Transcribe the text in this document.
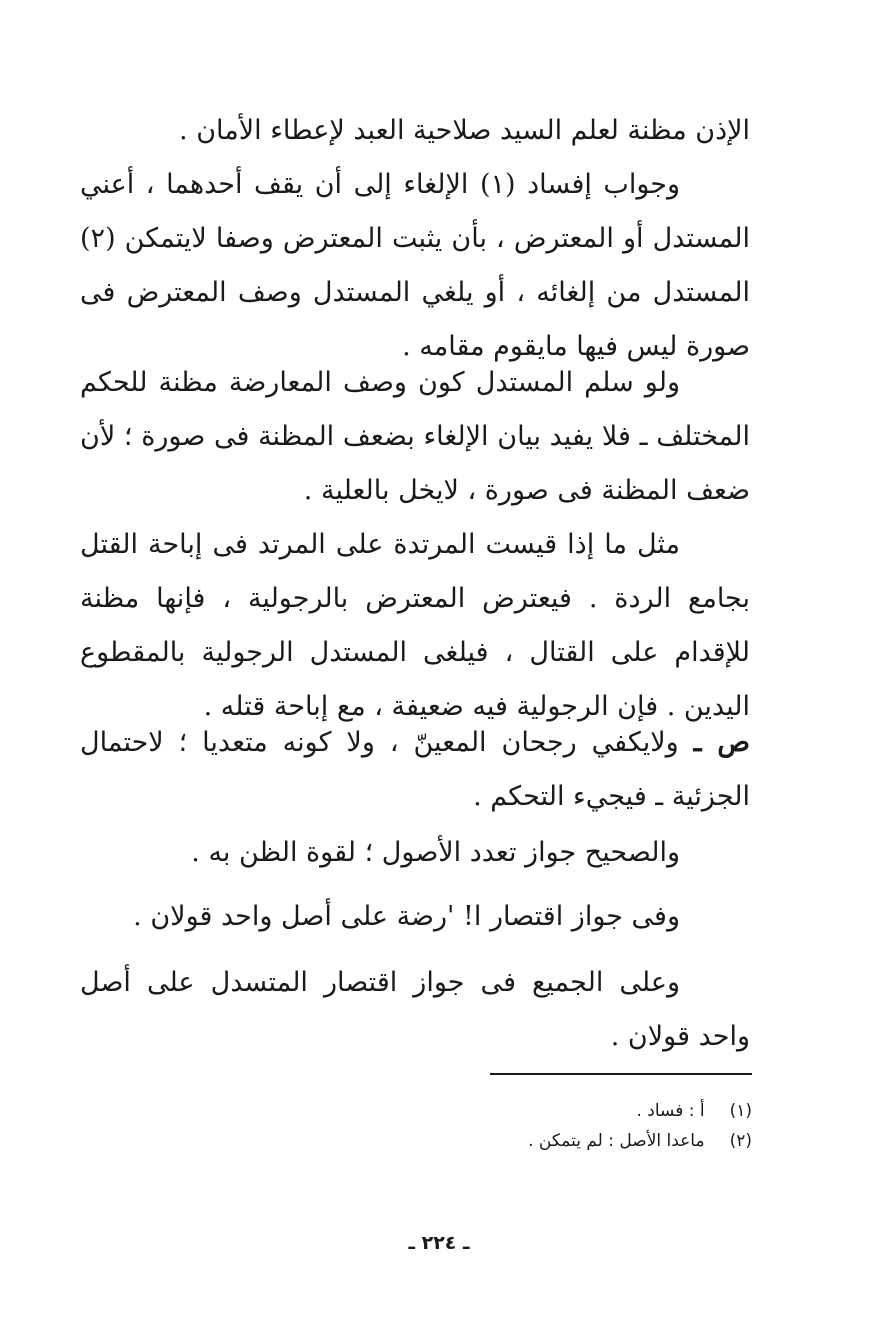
الإذن مظنة لعلم السيد صلاحية العبد لإعطاء الأمان .

وجواب إفساد (١) الإلغاء إلى أن يقف أحدهما ، أعني المستدل أو المعترض ، بأن يثبت المعترض وصفا لايتمكن (٢) المستدل من إلغائه ، أو يلغي المستدل وصف المعترض فى صورة ليس فيها مايقوم مقامه .

ولو سلم المستدل كون وصف المعارضة مظنة للحكم المختلف ـ فلا يفيد بيان الإلغاء بضعف المظنة فى صورة ؛ لأن ضعف المظنة فى صورة ، لايخل بالعلية .

مثل ما إذا قيست المرتدة على المرتد فى إباحة القتل بجامع الردة . فيعترض المعترض بالرجولية ، فإنها مظنة للإقدام على القتال ، فيلغى المستدل الرجولية بالمقطوع اليدين . فإن الرجولية فيه ضعيفة ، مع إباحة قتله .

ص ـ ولايكفي رجحان المعينّ ، ولا كونه متعديا ؛ لاحتمال الجزئية ـ فيجيء التحكم .

والصحيح جواز تعدد الأصول ؛ لقوة الظن به .

وفى جواز اقتصار ا! 'رضة على أصل واحد قولان .

وعلى الجميع فى جواز اقتصار المتسدل على أصل واحد قولان .

(١) أ : فساد .
(٢) ماعدا الأصل : لم يتمكن .
ـ ٢٢٤ ـ
